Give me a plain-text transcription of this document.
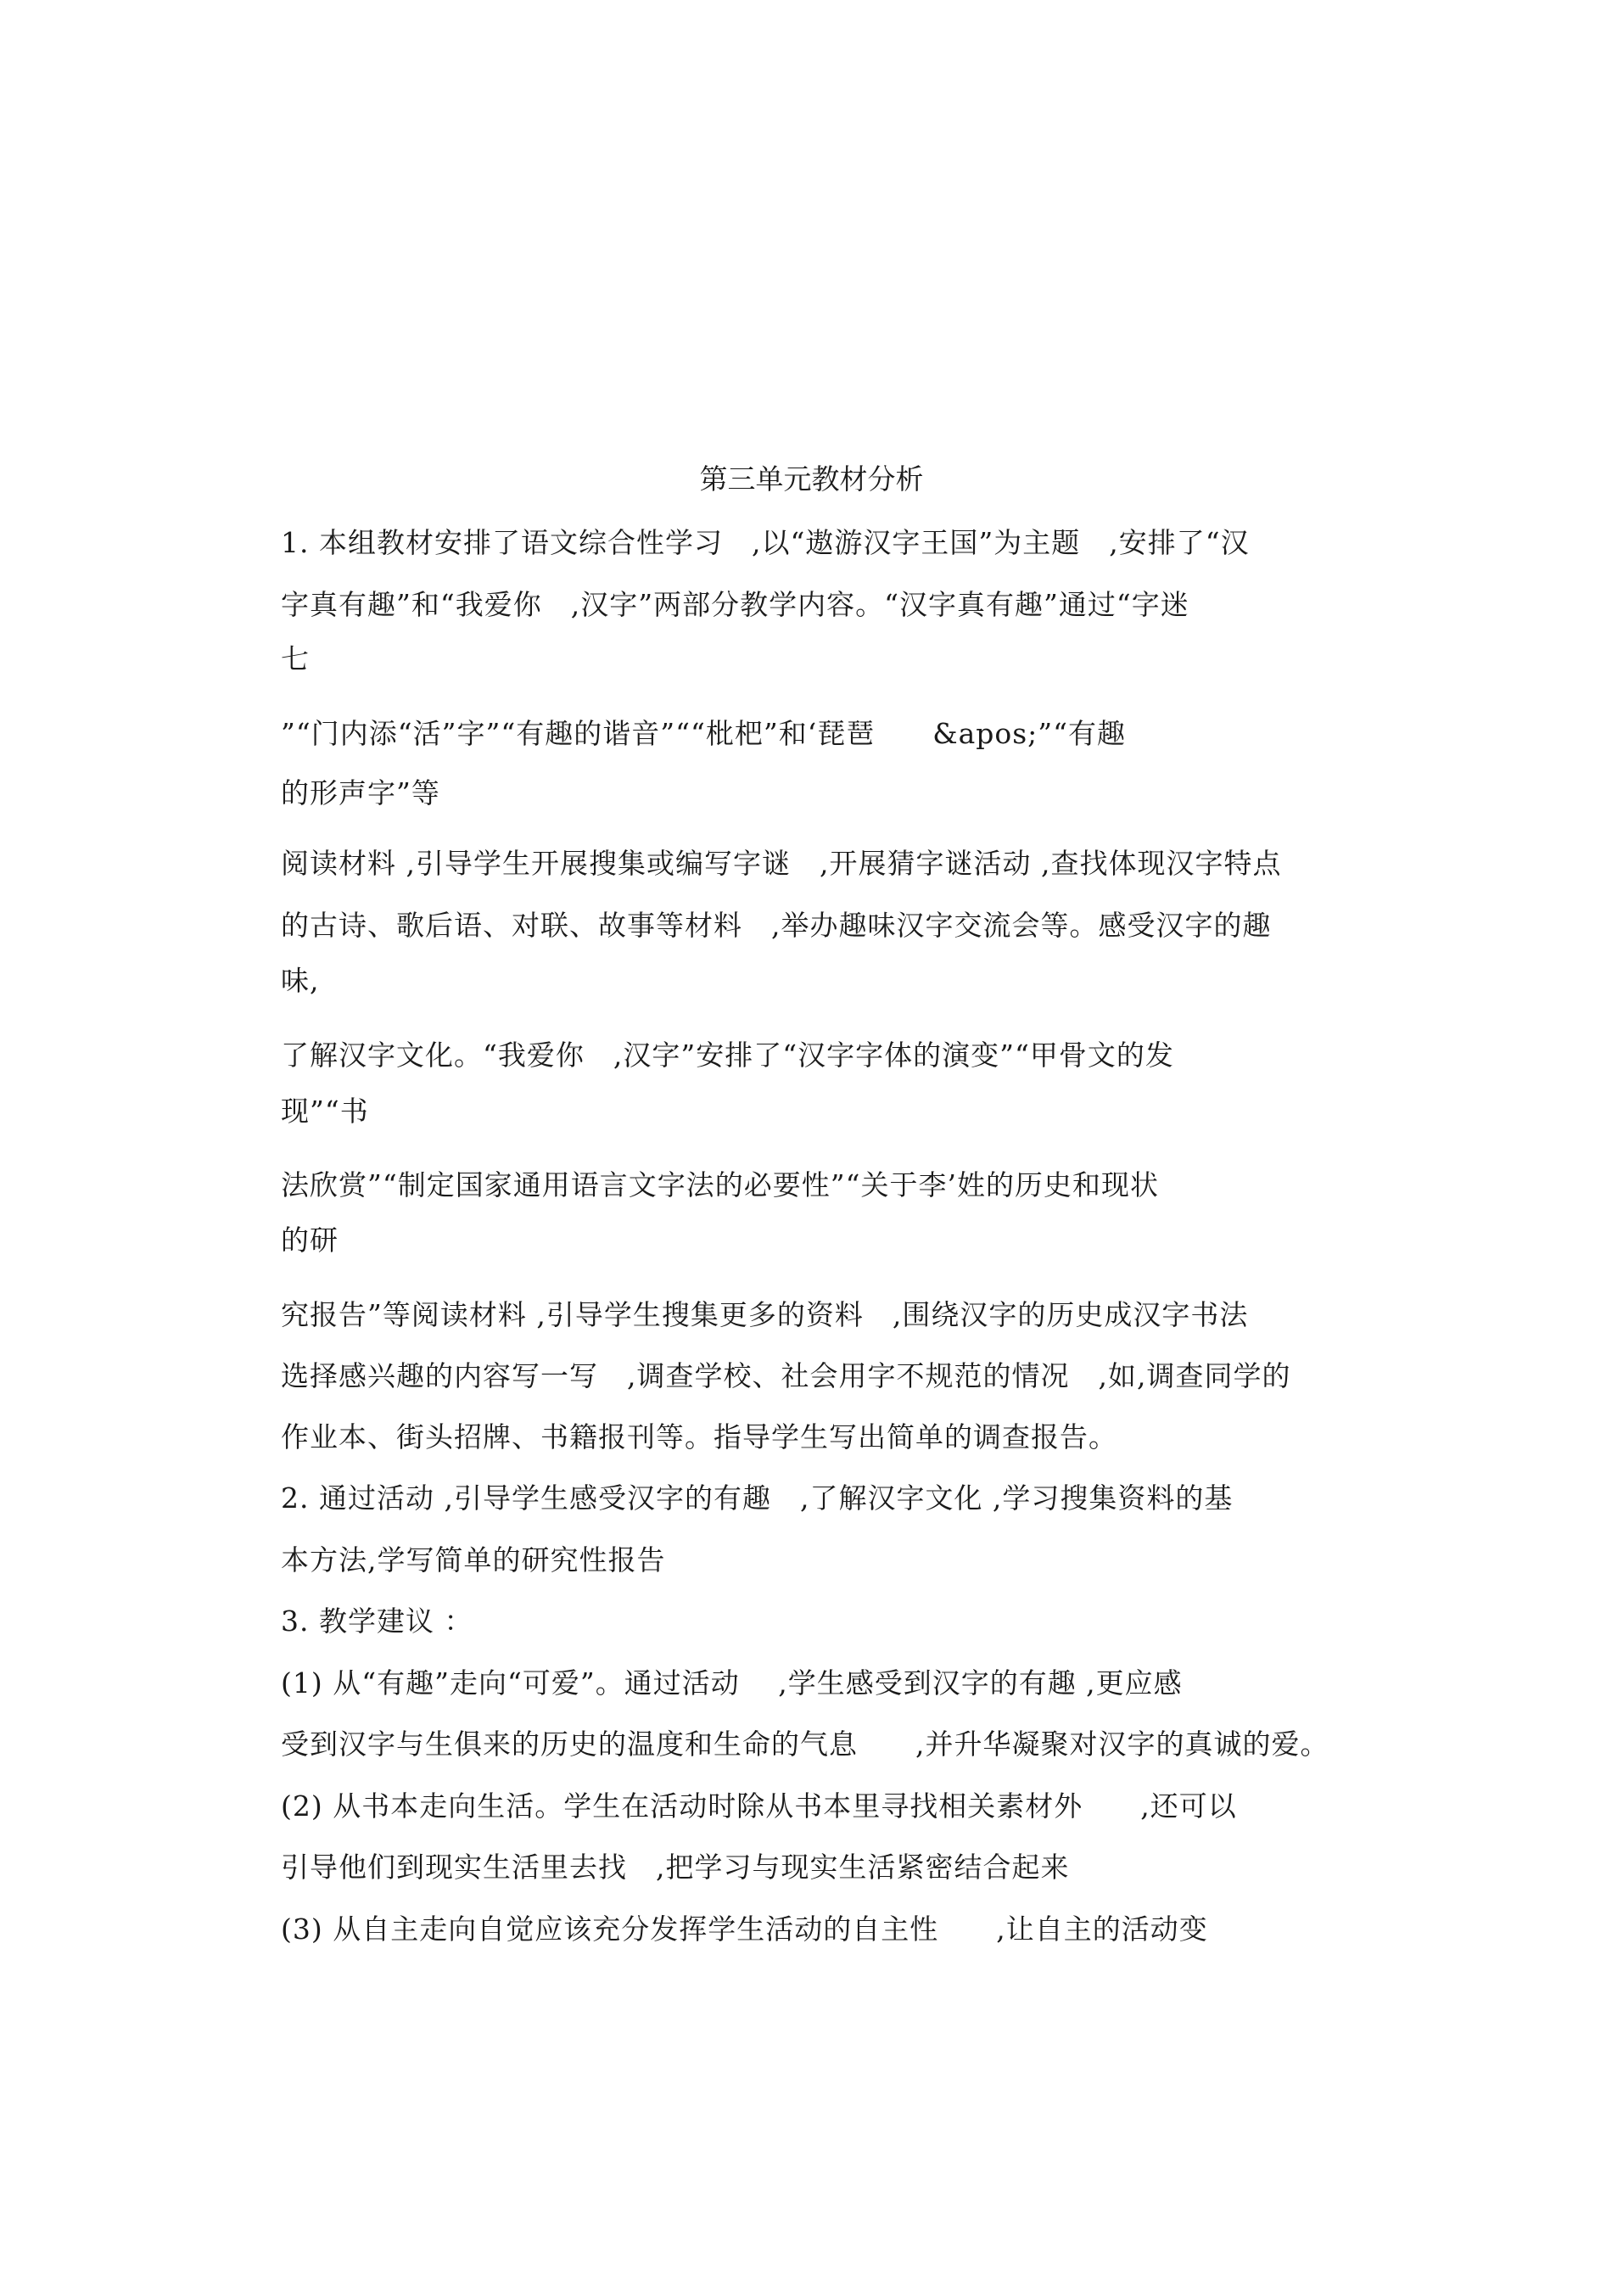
第三单元教材分析
1. 本组教材安排了语文综合性学习　,以“遨游汉字王国”为主题　,安排了“汉
字真有趣”和“我爱你　,汉字”两部分教学内容。“汉字真有趣”通过“字迷
七
”“门内添“活”字”“有趣的谐音”““枇杷”和‘琵琶　　&apos;”“有趣
的形声字”等
阅读材料 ,引导学生开展搜集或编写字谜　,开展猜字谜活动 ,查找体现汉字特点
的古诗、歌后语、对联、故事等材料　,举办趣味汉字交流会等。感受汉字的趣
味,
了解汉字文化。“我爱你　,汉字”安排了“汉字字体的演变”“甲骨文的发
现”“书
法欣赏”“制定国家通用语言文字法的必要性”“关于李’姓的历史和现状
的研
究报告”等阅读材料 ,引导学生搜集更多的资料　,围绕汉字的历史成汉字书法
选择感兴趣的内容写一写　,调查学校、社会用字不规范的情况　,如,调查同学的
作业本、街头招牌、书籍报刊等。指导学生写出简单的调查报告。
2. 通过活动 ,引导学生感受汉字的有趣　,了解汉字文化 ,学习搜集资料的基
本方法,学写简单的研究性报告
3. 教学建议 ：
(1) 从“有趣”走向“可爱”。通过活动　 ,学生感受到汉字的有趣 ,更应感
受到汉字与生俱来的历史的温度和生命的气息　　,并升华凝聚对汉字的真诚的爱。
(2) 从书本走向生活。学生在活动时除从书本里寻找相关素材外　　,还可以
引导他们到现实生活里去找　,把学习与现实生活紧密结合起来
(3) 从自主走向自觉应该充分发挥学生活动的自主性　　,让自主的活动变
